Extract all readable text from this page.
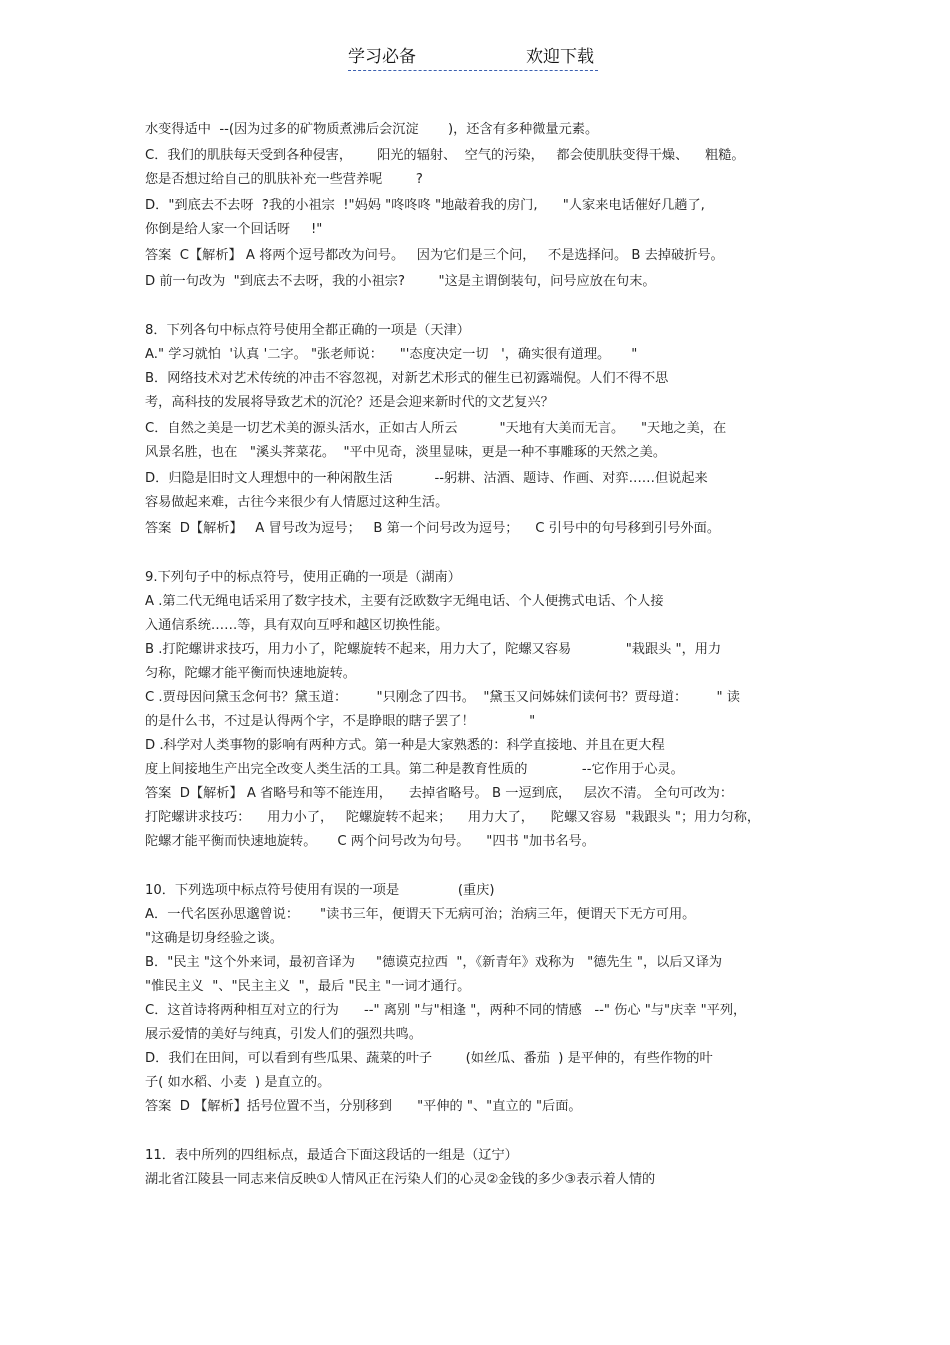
学习必备	欢迎下载
水变得适中  --(因为过多的矿物质煮沸后会沉淀       )，还含有多种微量元素。
C．我们的肌肤每天受到各种侵害，      阳光的辐射、  空气的污染，   都会使肌肤变得干燥、    粗糙。
您是否想过给自己的肌肤补充一些营养呢        ?
D．"到底去不去呀  ?我的小祖宗  !"妈妈 "咚咚咚 "地敲着我的房门,      "人家来电话催好几趟了,
你倒是给人家一个回话呀     !"
答案  C【解析】 A 将两个逗号都改为问号。   因为它们是三个问，   不是选择问。 B 去掉破折号。
D 前一句改为  "到底去不去呀，我的小祖宗?        "这是主谓倒装句，问号应放在句末。
8．下列各句中标点符号使用全都正确的一项是（天津）
A." 学习就怕  '认真 '二字。 "张老师说：    "'态度决定一切   '，确实很有道理。     "
B．网络技术对艺术传统的冲击不容忽视，对新艺术形式的催生已初露端倪。人们不得不思
考，高科技的发展将导致艺术的沉沦？还是会迎来新时代的文艺复兴？
C．自然之美是一切艺术美的源头活水，正如古人所云          "天地有大美而无言。    "天地之美，在
风景名胜，也在   "溪头荠菜花。  "平中见奇，淡里显味，更是一种不事雕琢的天然之美。
D．归隐是旧时文人理想中的一种闲散生活          --躬耕、沽酒、题诗、作画、对弈……但说起来
容易做起来难，古往今来很少有人情愿过这种生活。
答案  D【解析】   A 冒号改为逗号；   B 第一个问号改为逗号；    C 引号中的句号移到引号外面。
9.下列句子中的标点符号，使用正确的一项是（湖南）
A .第二代无绳电话采用了数字技术，主要有泛欧数字无绳电话、个人便携式电话、个人接
入通信系统……等，具有双向互呼和越区切换性能。
B .打陀螺讲求技巧，用力小了，陀螺旋转不起来，用力大了，陀螺又容易             "栽跟头 "，用力
匀称，陀螺才能平衡而快速地旋转。
C .贾母因问黛玉念何书？黛玉道：       "只刚念了四书。  "黛玉又问姊妹们读何书？贾母道：       " 读
的是什么书，不过是认得两个字，不是睁眼的瞎子罢了！             "
D .科学对人类事物的影响有两种方式。第一种是大家熟悉的：科学直接地、并且在更大程
度上间接地生产出完全改变人类生活的工具。第二种是教育性质的             --它作用于心灵。
答案  D【解析】 A 省略号和等不能连用，    去掉省略号。 B 一逗到底，   层次不清。 全句可改为：
打陀螺讲求技巧：    用力小了，   陀螺旋转不起来；    用力大了，    陀螺又容易  "栽跟头 "；用力匀称，
陀螺才能平衡而快速地旋转。     C 两个问号改为句号。    "四书 "加书名号。
10．下列选项中标点符号使用有误的一项是              (重庆)
A．一代名医孙思邈曾说：     "读书三年，便谓天下无病可治；治病三年，便谓天下无方可用。
"这确是切身经验之谈。
B．"民主 "这个外来词，最初音译为     "德谟克拉西  "，《新青年》戏称为   "德先生 "，以后又译为
"惟民主义  "、"民主主义  "，最后 "民主 "一词才通行。
C．这首诗将两种相互对立的行为      --" 离别 "与"相逢 "，两种不同的情感   --" 伤心 "与"庆幸 "平列，
展示爱情的美好与纯真，引发人们的强烈共鸣。
D．我们在田间，可以看到有些瓜果、蔬菜的叶子        (如丝瓜、番茄  ) 是平伸的，有些作物的叶
子( 如水稻、小麦  ) 是直立的。
答案  D 【解析】括号位置不当，分别移到      "平伸的 "、"直立的 "后面。
11．表中所列的四组标点，最适合下面这段话的一组是（辽宁）
湖北省江陵县一同志来信反映①人情风正在污染人们的心灵②金钱的多少③表示着人情的
